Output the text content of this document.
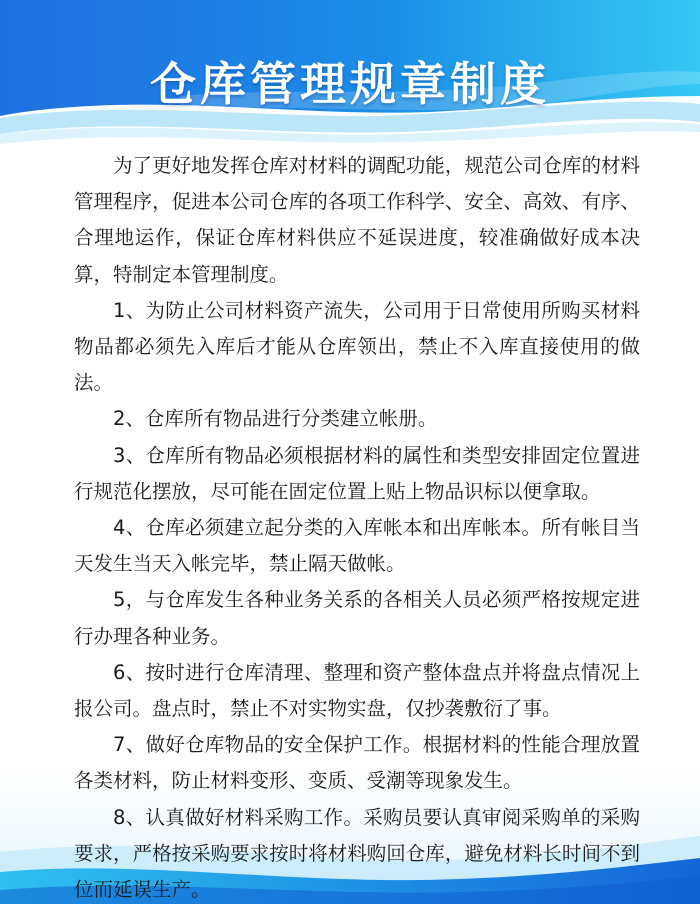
仓库管理规章制度

为了更好地发挥仓库对材料的调配功能，规范公司仓库的材料管理程序，促进本公司仓库的各项工作科学、安全、高效、有序、合理地运作，保证仓库材料供应不延误进度，较准确做好成本决算，特制定本管理制度。

1、为防止公司材料资产流失，公司用于日常使用所购买材料物品都必须先入库后才能从仓库领出，禁止不入库直接使用的做法。

2、仓库所有物品进行分类建立帐册。

3、仓库所有物品必须根据材料的属性和类型安排固定位置进行规范化摆放，尽可能在固定位置上贴上物品识标以便拿取。

4、仓库必须建立起分类的入库帐本和出库帐本。所有帐目当天发生当天入帐完毕，禁止隔天做帐。

5，与仓库发生各种业务关系的各相关人员必须严格按规定进行办理各种业务。

6、按时进行仓库清理、整理和资产整体盘点并将盘点情况上报公司。盘点时，禁止不对实物实盘，仅抄袭敷衍了事。

7、做好仓库物品的安全保护工作。根据材料的性能合理放置各类材料，防止材料变形、变质、受潮等现象发生。

8、认真做好材料采购工作。采购员要认真审阅采购单的采购要求，严格按采购要求按时将材料购回仓库，避免材料长时间不到位而延误生产。
